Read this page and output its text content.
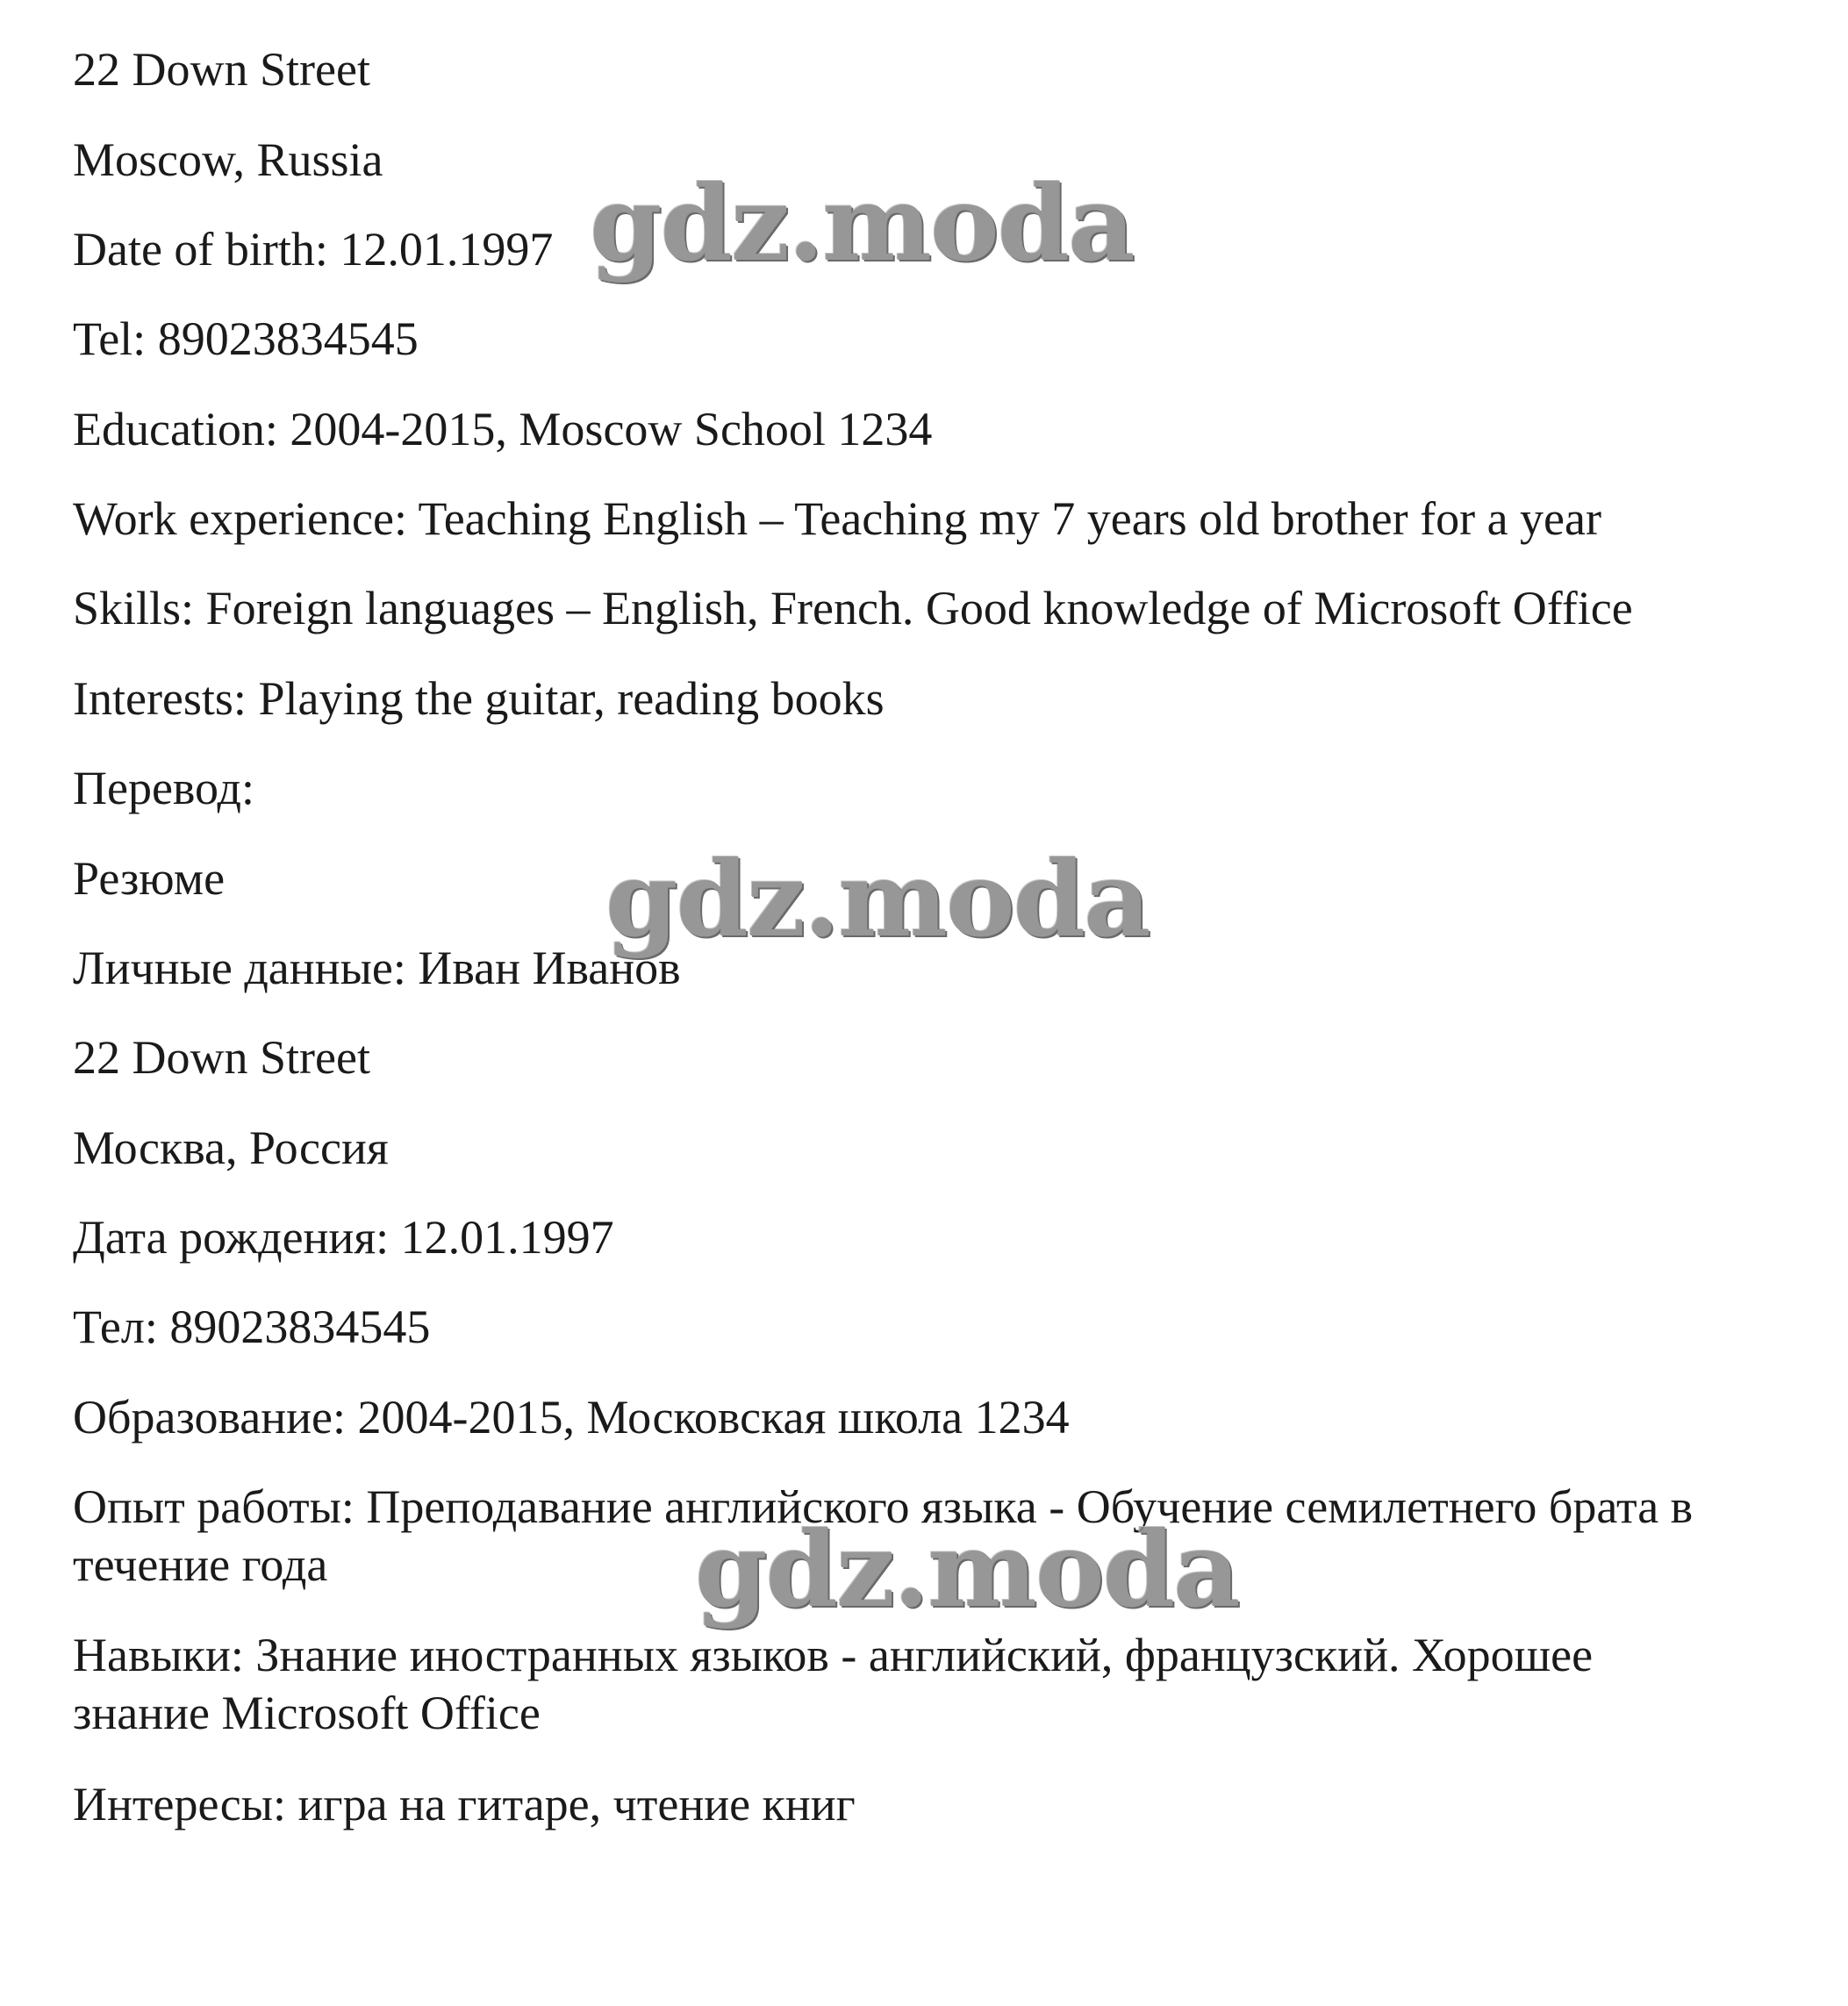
22 Down Street
Moscow, Russia
Date of birth: 12.01.1997
Tel: 89023834545
Education: 2004-2015, Moscow School 1234
Work experience: Teaching English – Teaching my 7 years old brother for a year
Skills: Foreign languages – English, French. Good knowledge of Microsoft Office
Interests: Playing the guitar, reading books
Перевод:
Резюме
Личные данные: Иван Иванов
22 Down Street
Москва, Россия
Дата рождения: 12.01.1997
Тел: 89023834545
Образование: 2004-2015, Московская школа 1234
Опыт работы: Преподавание английского языка - Обучение семилетнего брата в течение года
Навыки: Знание иностранных языков - английский, французский. Хорошее знание Microsoft Office
Интересы: игра на гитаре, чтение книг
gdz.moda
gdz.moda
gdz.moda
